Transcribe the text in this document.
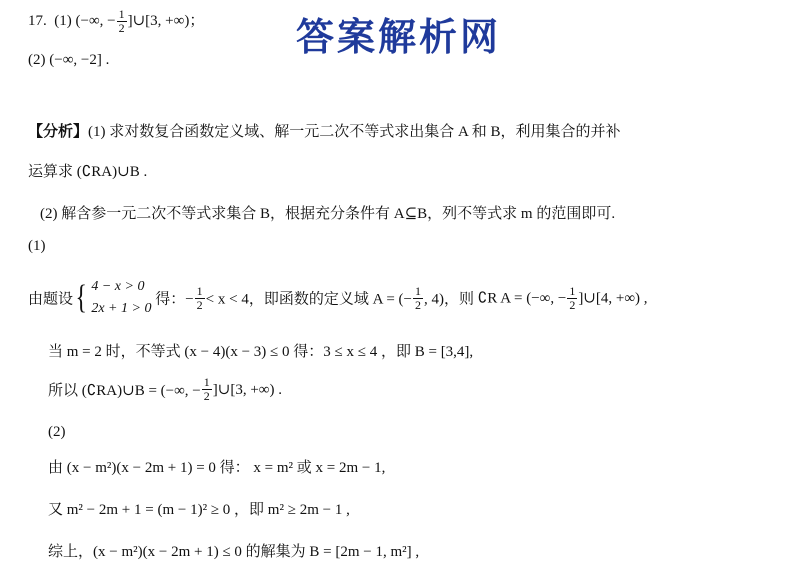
答案解析网
17. (1) (−∞, − $\frac{1}{2}$ ]∪[3, +∞)；
(2) (−∞, −2] .
【分析】(1) 求对数复合函数定义域、解一元二次不等式求出集合 A 和 B，利用集合的并补
运算求 (∁RA)∪B .
(2) 解含参一元二次不等式求集合 B，根据充分条件有 A⊆B，列不等式求 m 的范围即可.
(1)
由题设{ 4 − x > 0
2x + 1 > 0
得：− $\frac{1}{2} < x < 4$，即函数的定义域 A = (− $\frac{1}{2}$ , 4)，则 ∁R A = (−∞, − $\frac{1}{2}$ ]∪[4, +∞) ,
当 m = 2 时，不等式 (x − 4)(x − 3) ≤ 0 得：3 ≤ x ≤ 4 ，即 B = [3,4],
所以 (∁RA)∪B = (−∞, − $\frac{1}{2}$ ]∪[3, +∞) .
(2)
由 (x − m²)(x − 2m + 1) = 0 得： x = m² 或 x = 2m − 1,
又 m² − 2m + 1 = (m − 1)² ≥ 0 ，即 m² ≥ 2m − 1 ,
综上，(x − m²)(x − 2m + 1) ≤ 0 的解集为 B = [2m − 1, m²] ,
